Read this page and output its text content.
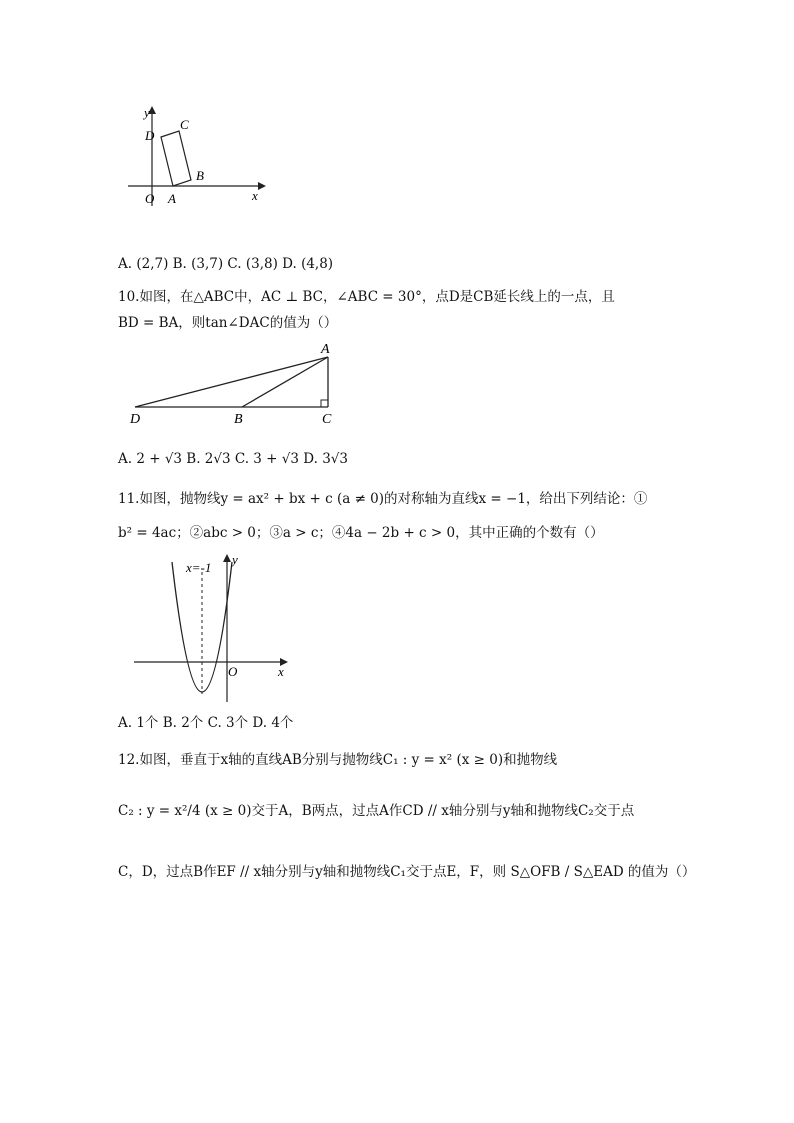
y
D
C
B
O A	x
A. (2,7) B. (3,7) C. (3,8) D. (4,8)
10.如图，在△ABC中，AC ⊥ BC，∠ABC = 30°，点D是CB延长线上的一点，且
BD = BA，则tan∠DAC的值为（）
A
D	B	C
A. 2 + √3 B. 2√3 C. 3 + √3 D. 3√3
11.如图，抛物线y = ax² + bx + c (a ≠ 0)的对称轴为直线x = −1，给出下列结论：①
b² = 4ac；②abc > 0；③a > c；④4a − 2b + c > 0，其中正确的个数有（）
x=-1
y
O	x
A. 1个 B. 2个 C. 3个 D. 4个
12.如图，垂直于x轴的直线AB分别与抛物线C₁ : y = x² (x ≥ 0)和抛物线
C₂ : y = x²/4 (x ≥ 0)交于A，B两点，过点A作CD // x轴分别与y轴和抛物线C₂交于点
C，D，过点B作EF // x轴分别与y轴和抛物线C₁交于点E，F，则 S△OFB / S△EAD 的值为（）
